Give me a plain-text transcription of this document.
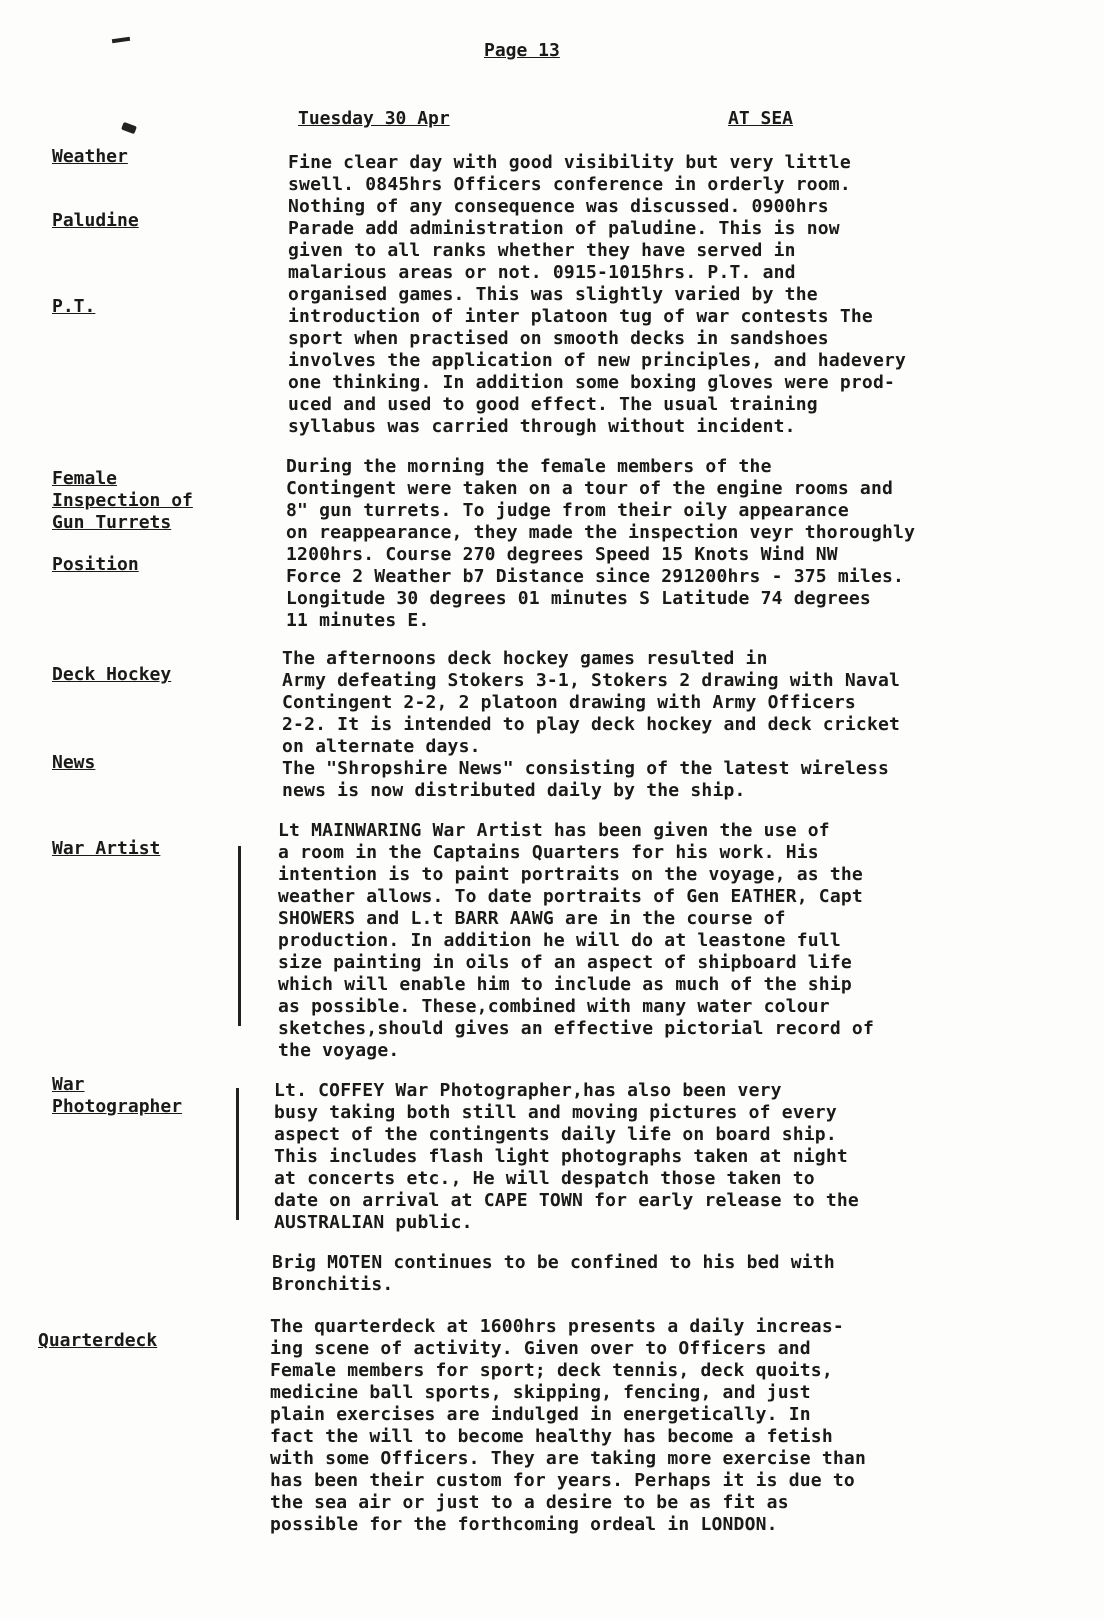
Page 13
Tuesday 30 Apr	AT SEA
Weather
Paludine
P.T.
Female
Inspection of
Gun Turrets
Position
Deck Hockey
News
War Artist
War
Photographer
Quarterdeck
Fine clear day with good visibility but very little
swell. 0845hrs Officers conference in orderly room.
Nothing of any consequence was discussed. 0900hrs
Parade add administration of paludine. This is now
given to all ranks whether they have served in
malarious areas or not. 0915-1015hrs. P.T. and
organised games. This was slightly varied by the
introduction of inter platoon tug of war contests The
sport when practised on smooth decks in sandshoes
involves the application of new principles, and hadevery
one thinking. In addition some boxing gloves were prod-
uced and used to good effect. The usual training
syllabus was carried through without incident.
During the morning the female members of the
Contingent were taken on a tour of the engine rooms and
8" gun turrets. To judge from their oily appearance
on reappearance, they made the inspection veyr thoroughly
1200hrs. Course 270 degrees Speed 15 Knots Wind NW
Force 2 Weather b7 Distance since 291200hrs - 375 miles.
Longitude 30 degrees 01 minutes S Latitude 74 degrees
11 minutes E.
The afternoons deck hockey games resulted in
Army defeating Stokers 3-1, Stokers 2 drawing with Naval
Contingent 2-2, 2 platoon drawing with Army Officers
2-2. It is intended to play deck hockey and deck cricket
on alternate days.
The "Shropshire News" consisting of the latest wireless
news is now distributed daily by the ship.
Lt MAINWARING War Artist has been given the use of
a room in the Captains Quarters for his work. His
intention is to paint portraits on the voyage, as the
weather allows. To date portraits of Gen EATHER, Capt
SHOWERS and L.t BARR AAWG are in the course of
production. In addition he will do at leastone full
size painting in oils of an aspect of shipboard life
which will enable him to include as much of the ship
as possible. These,combined with many water colour
sketches,should gives an effective pictorial record of
the voyage.
Lt. COFFEY War Photographer,has also been very
busy taking both still and moving pictures of every
aspect of the contingents daily life on board ship.
This includes flash light photographs taken at night
at concerts etc., He will despatch those taken to
date on arrival at CAPE TOWN for early release to the
AUSTRALIAN public.
Brig MOTEN continues to be confined to his bed with
Bronchitis.
The quarterdeck at 1600hrs presents a daily increas-
ing scene of activity. Given over to Officers and
Female members for sport; deck tennis, deck quoits,
medicine ball sports, skipping, fencing, and just
plain exercises are indulged in energetically. In
fact the will to become healthy has become a fetish
with some Officers. They are taking more exercise than
has been their custom for years. Perhaps it is due to
the sea air or just to a desire to be as fit as
possible for the forthcoming ordeal in LONDON.
